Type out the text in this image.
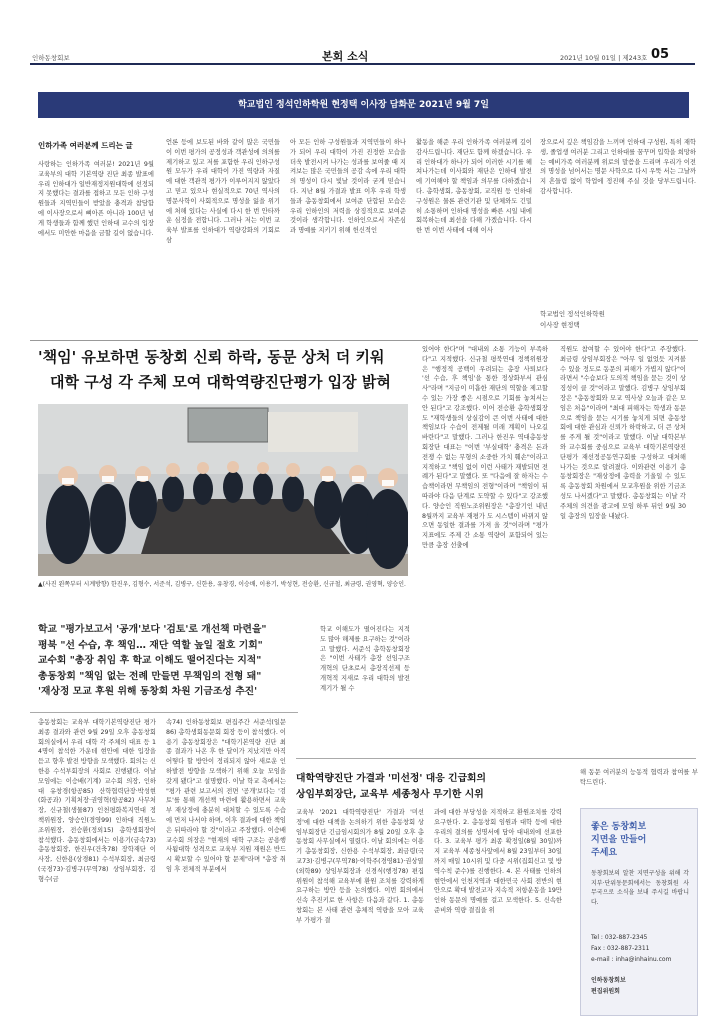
인하동창회보	본회 소식	2021년 10월 01일 | 제243호 05
학교법인 정석인하학원 현정택 이사장 담화문 2021년 9월 7일
인하가족 여러분께 드리는 글

사랑하는 인하가족 여러분! 2021년 9월 교육부의 대학 기본역량 진단 최종 발표에 우리 인하대가 일반재정지원대학에 선정되지 못했다는 결과를 접하고 모든 인하 구성원들과 지역민들이 받았을 충격과 참담함에 이사장으로서 뼈아픈 아니라 100년 넘게 학생들과 함께 했던 인하대 교수의 입장에서도 미안한 마음을 금할 길이 없습니다.

언론 등에 보도된 바와 같이 많은 국민들이 이번 평가의 공정성과 객관성에 의의를 제기하고 있고 저를 포함한 우리 인하구성원 모두가 우리 대학이 가진 역량과 자질에 대한 객관적 평가가 이루어지지 않았다고 믿고 있으나 현실적으로 70년 역사의 명문사학이 사회적으로 명성을 잃을 위기에 처해 있다는 사실에 다시 한 번 안타까운 심정을 전합니다. 그러나 저는 이번 교육부 발표를 인하대가 역량강화의 기회로 삼

아 모든 인하 구성원들과 지역민들이 하나가 되어 우리 대학이 가진 진정한 모습을 더욱 발전시켜 나가는 성과를 보여줄 때 지켜보는 많은 국민들의 공감 속에 우리 대학의 명성이 다시 빛날 것이라 굳게 믿습니다. 지난 8월 가결과 발표 이후 우리 학생들과 총동창회에서 보여준 단합된 모습은 우리 인하인의 저력을 상징적으로 보여준 것이라 생각합니다. 인하인으로서 자존심과 명예를 지키기 위해 헌신적인

활동을 해준 우리 인하가족 여러분께 깊이 감사드립니다. 재단도 함께 하겠습니다. 우리 인하대가 하나가 되어 이러한 시기를 헤쳐나가는데 이사회와 재단은 인하대 발전에 기여해야 할 책임과 의무를 다하겠습니다. 총학생회, 총동창회, 교직원 등 인하대 구성원은 물론 관련기관 및 단체와도 긴밀히 소통하며 인하대 명성을 빠른 시일 내에 회복하는데 최선을 다해 가겠습니다. 다시 한 번 이번 사태에 대해 이사

장으로서 깊은 책임감을 느끼며 인하대 구성원, 특히 재학생, 졸업생 여러분 그리고 인하대를 꿈꾸며 입학을 희망하는 예비가족 여러분께 위로의 말씀을 드리며 우리가 이전의 명성을 넘어서는 명문 사학으로 다시 우뚝 서는 그날까지 흔들림 없이 학업에 정진해 주실 것을 당부드립니다. 감사합니다.

학교법인 정석인하학원
이사장 현정택
'책임' 유보하면 동창회 신뢰 하락, 동문 상처 더 키워
대학 구성 각 주체 모여 대학역량진단평가 입장 밝혀

▲(사진 왼쪽부터 시계방향) 한진우, 김형수, 서준석, 김병구, 신한용, 유창경, 이승배, 이용기, 박성현, 전승환, 신규철, 최금령, 권영혁, 양승인.

학교 "평가보고서 '공개'보다 '검토'로 개선책 마련을"
평북 "선 수습, 후 책임… 재단 역할 높일 절호 기회"
교수회 "총장 취임 후 학교 이해도 떨어진다는 지적"
총동창회 "책임 없는 전례 만들면 무책임의 전형 돼"
'재상정 모교 후원 위해 동창회 차원 기금조성 추진'

학교 이해도가 떨어진다는 지적도 많아 해제를 요구하는 것"이라고 말했다. 서준석 총학동창회장은 "이번 사태가 총장 선임구조 개혁의 단초로서 총장직선제 등 개혁적 지새로 우리 대학의 발전계기가 될 수

있어야 한다"며 "대내외 소통 기능이 부족하다"고 지적했다. 신규철 평북연대 정책위원장은 "행정적 공백이 우려되는 총장 사퇴보다 '선 수습, 후 책임'을 통한 정상화부서 관심사"라며 "지금이 미흡한 재단의 역할을 제고할 수 있는 가장 좋은 시점으로 기회를 놓쳐서는 안 된다"고 강조했다. 이어 전승환 총학생회장도 "재학생들의 상실감이 큰 이번 사태에 대한 책임보다 수습이 전제될 미래 계획이 나오길 바란다"고 말했다. 그러나 한진우 역대총동창회장단 대표는 "이번 '부실대학' 충격은 돈과 전쟁 수 없는 무형의 소중한 가치 훼손"이라고 지적하고 "책임 없이 이런 사태가 재발되면 전례가 된다"고 말했다. 또 "다음에 잘 하자는 수습책이라면 무책임의 전형"이라며 "책임이 뒤따라야 다음 단계로 도약할 수 있다"고 강조했다. 양승인 직원노조위원장은 "총장기인 내년 8월까지 교육부 재평가 도 시스템이 바뀌지 않으면 동일한 결과를 가져 올 것"이라며 "평가지표에도 주제 간 소통 역량이 포함되어 있는 만큼 총장 선출에

직원도 참여할 수 있어야 한다"고 주장했다. 최금령 상임부회장은 "아무 일 없었듯 지켜볼 수 있을 정도로 동문의 피해가 가볍지 않다"이라면서 "수습보다 도의적 책임을 묻는 것이 상징성이 클 것"이라고 말했다. 김병구 상임부회장은 "총동창회와 모교 역사상 오늘과 같은 모임은 처음"이라며 "최대 피해자는 학생과 동문으로 책임을 묻는 시기를 놓치게 되면 총동창회에 대한 관심과 신뢰가 하락하고, 더 큰 상처를 주게 될 것"이라고 말했다. 이날 대학본부와 교수회를 중심으로 교육부 대학기본역량진단평가 재선정공동연구회를 구성하고 대처해 나가는 것으로 알려졌다. 이와관련 이용기 총동창회장은 "재상정에 총력을 기울일 수 있도록 총동창회 차원에서 모교후원을 위한 기금조성도 나서겠다"고 말했다. 총동창회는 이날 각 주체의 의견을 광고에 모임 하루 뒤인 9월 30일 총장의 입장을 내놨다.

총동창회는 교육부 대학기본역량진단 평가 최종 결과와 관련 9월 29일 오후 총동창회 회의실에서 우리 대학 각 주체의 대표 등 14명이 참석한 가운데 현안에 대한 입장을 듣고 향후 발전 방향을 모색했다. 회의는 신한용 수석부회장의 사회로 진행됐다. 이날 모임에는 이승배(기계) 교수회 의장, 인하대 유창경(항공85) 산학협력단장·박성현(화공과) 기획처장·권영혁(항공82) 사무처장, 신규철(생물87) 인천평화복지연대 정책위원장, 양승인(경영99) 인하대 직원노조위원장, 전승환(정외15) 총학생회장이 참석했다. 총동창회에서는 이용기(금속73) 총동창회장, 한진우(건축78) 장학재단 이사장, 신한용(상경81) 수석부회장, 최금령(국경73)·김병구(무역78) 상임부회장, 김형수(금

속74) 인하동창회보 편집주간 서준석(일문86) 총학생회동문회 회장 등이 참석했다. 이용기 총동창회장은 "대학기본역량 진단 최종 결과가 나온 후 한 달이가 지났지만 아직 어떻다 할 방안이 정리되지 않아 새로운 인하발전 방향을 모색하기 위해 오늘 모임을 갖게 됐다"고 설명했다. 이날 학교 측에서는 "평가 관련 보고서의 전면 '공개'보다는 '검토'를 통해 개선책 마련에 활용하면서 교육부 재상정에 충분히 대처할 수 있도록 수습에 먼저 나서야 하며, 이후 결과에 대한 책임은 뒤따라야 할 것"이라고 주장했다. 이승배 교수회 의장은 "현재의 대학 구조는 공용행사됨대학 성격으로 교육부 지원 재원은 반드시 확보할 수 있어야 할 문제"라며 "총장 취임 후 전체적 부분에서

대학역량진단 가결과 '미선정' 대응 긴급회의
상임부회장단, 교육부 세종청사 무기한 시위

교육부 '2021 대학역량진단' 가결과 '미선정'에 대한 대책을 논의하기 위한 총동창회 상임부회장단 긴급임시회의가 8월 20일 오후 총동창회 사무실에서 열렸다. 이날 회의에는 이용기 총동창회장, 신한용 수석부회장, 최금령(국교73)·김병구(무역78)·이학주(경영81)·권상열(외학89) 상임부회장과 신경식(행정78) 편집위원이 참석해 교육부에 환원 조치를 강력하게 요구하는 방안 등을 논의했다. 이번 회의에서 신속 추진키로 한 사항은 다음과 같다. 1. 총동창회는 본 사태 관련 총체적 역량을 모아 교육부 가평가 결

과에 대한 부당성을 지적하고 환원조치를 강력 요구한다. 2. 총동창회 임원과 대학 등에 대한 우리의 결의를 성명서에 담아 대내외에 선포한다. 3. 교육부 평가 최종 확정일(8월 30일)까지 교육부 세종청사앞에서 8월 23일부터 30일까지 매일 10시위 및 다중 시위(집회신고 및 방역수칙 준수)를 진행한다. 4. 본 사태를 인하의 현안에서 인천지역과 대한민국 사회 전반의 현안으로 확대 발전코자 지속적 저항운동을 19만 인하 동문의 명예를 걸고 모색한다. 5. 신속한 준비와 역량 결집을 위

해 동문 여러분의 능동적 협력과 참여를 부탁드린다.

좋은 동창회보
지면을 만들어
주세요

동창회보의 알찬 지면구성을 위해 각 지부·단위동문회에서는 동창회원 사무국으로 소식을 보내 주시길 바랍니다.

Tel : 032-887-2345
Fax : 032-887-2311
e-mail : inha@inhainu.com
인하동창회보
편집위원회
